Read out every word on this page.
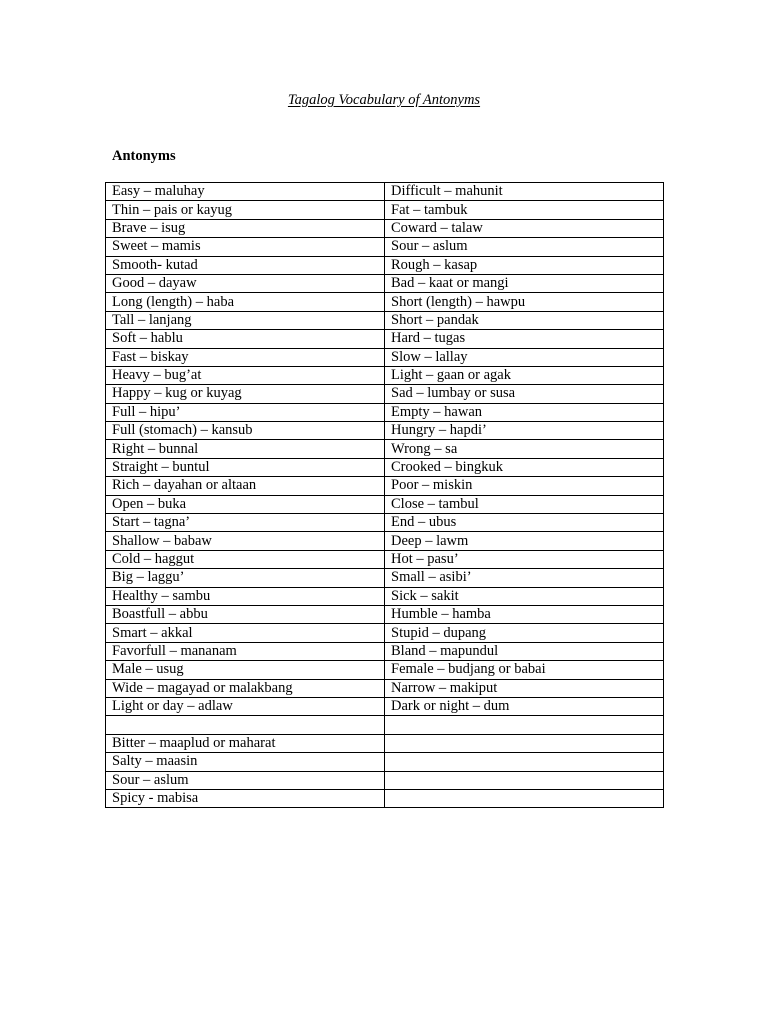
Tagalog Vocabulary of Antonyms
Antonyms
Easy – maluhay	Difficult – mahunit
Thin – pais or kayug	Fat – tambuk
Brave – isug	Coward – talaw
Sweet – mamis	Sour – aslum
Smooth- kutad	Rough – kasap
Good – dayaw	Bad – kaat or mangi
Long (length) – haba	Short (length) – hawpu
Tall – lanjang	Short – pandak
Soft – hablu	Hard – tugas
Fast – biskay	Slow – lallay
Heavy – bug’at	Light – gaan or agak
Happy – kug or kuyag	Sad – lumbay or susa
Full – hipu’	Empty – hawan
Full (stomach) – kansub	Hungry – hapdi’
Right – bunnal	Wrong – sa
Straight – buntul	Crooked – bingkuk
Rich – dayahan or altaan	Poor – miskin
Open – buka	Close – tambul
Start – tagna’	End – ubus
Shallow – babaw	Deep – lawm
Cold – haggut	Hot – pasu’
Big – laggu’	Small – asibi’
Healthy – sambu	Sick – sakit
Boastfull – abbu	Humble – hamba
Smart – akkal	Stupid – dupang
Favorfull – mananam	Bland – mapundul
Male – usug	Female – budjang or babai
Wide – magayad or malakbang	Narrow – makiput
Light or day – adlaw	Dark or night – dum

Bitter – maaplud or maharat	
Salty – maasin	
Sour – aslum	
Spicy - mabisa	
